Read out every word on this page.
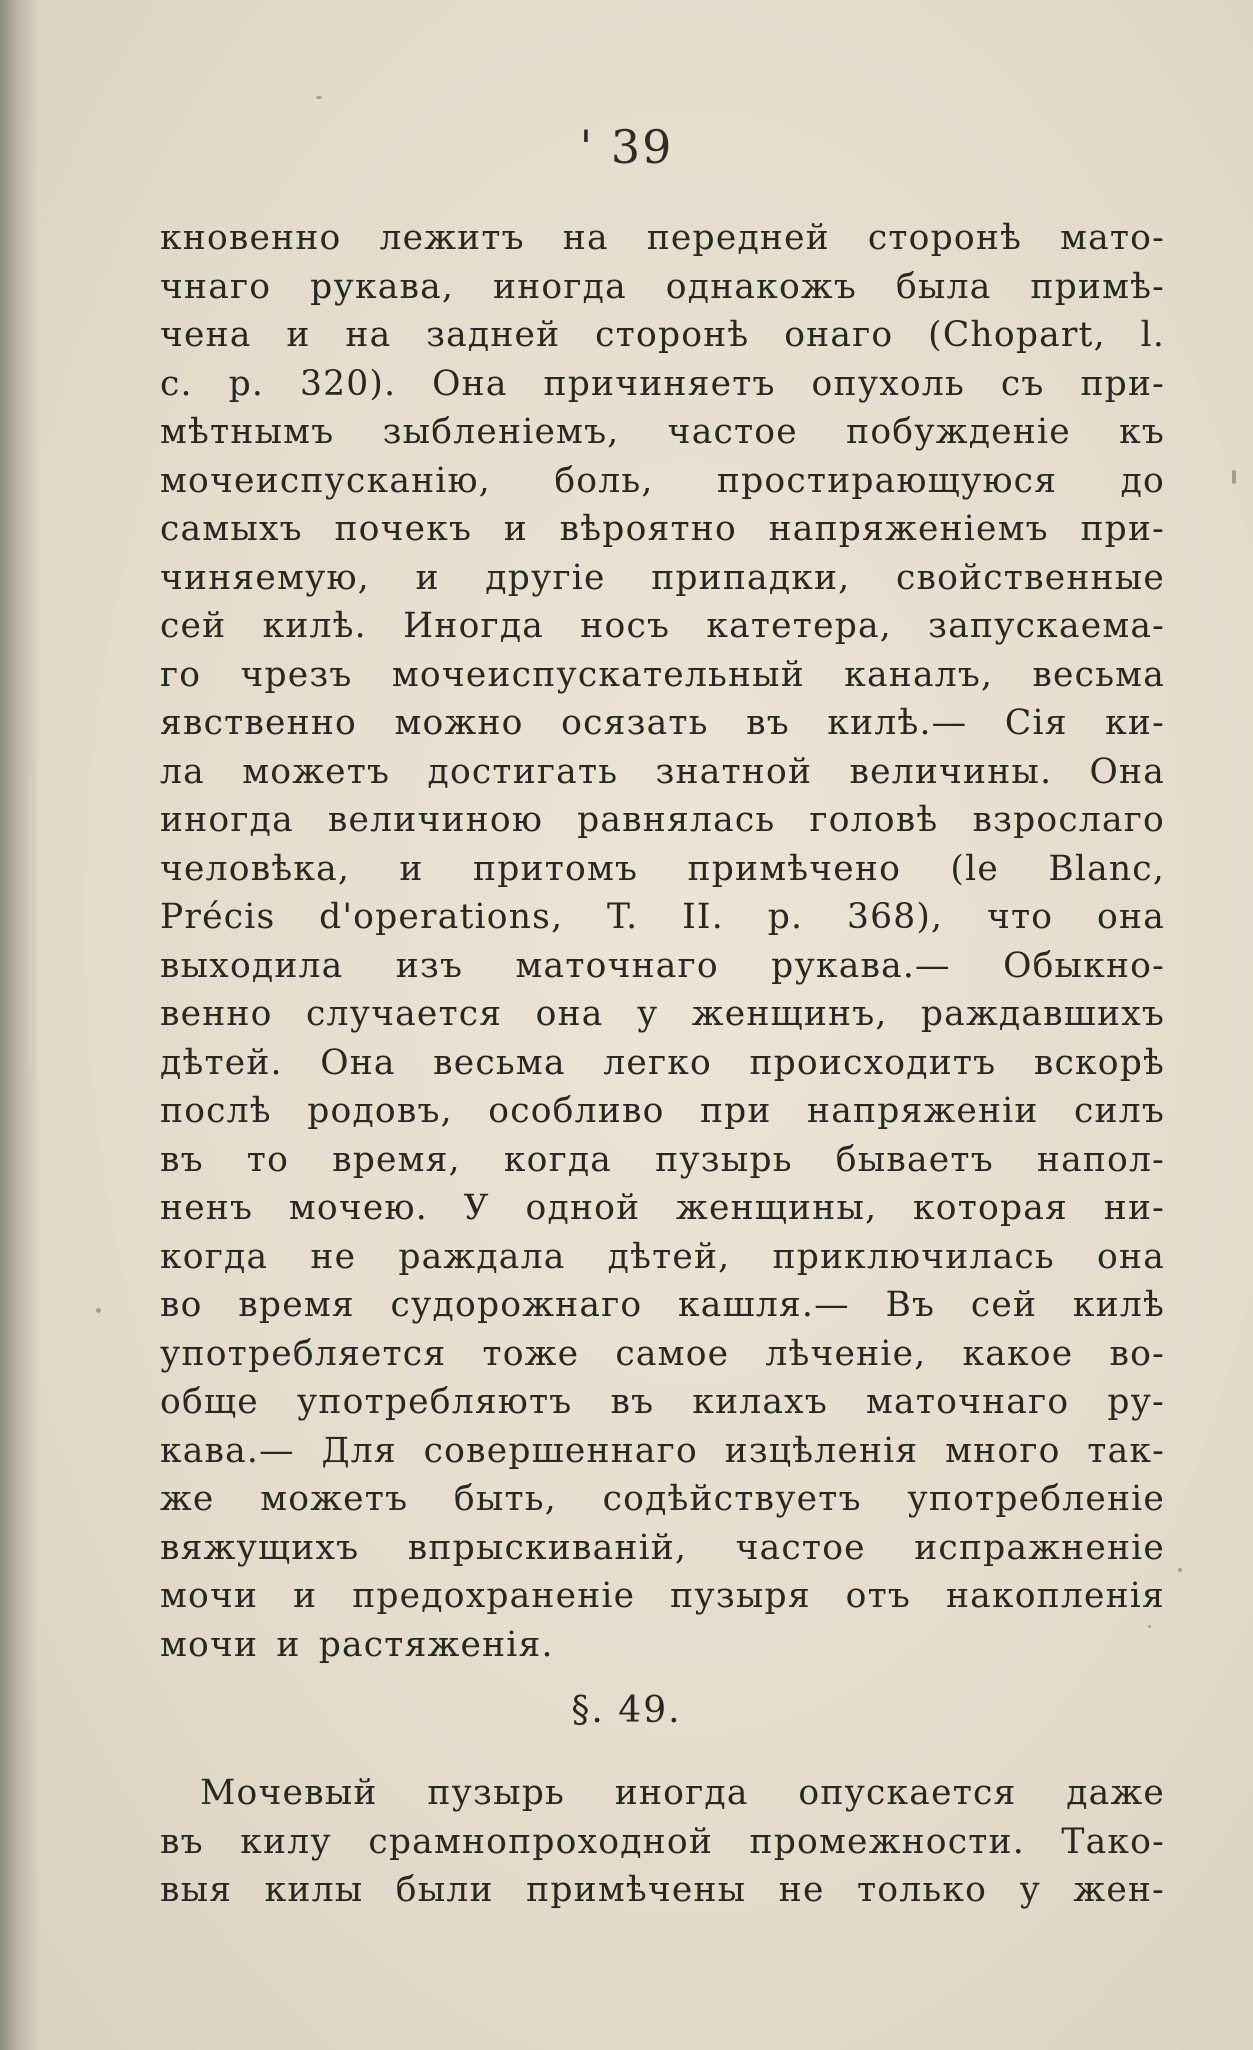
' 39
кновенно лежитъ на передней сторонѣ мато-
чнаго рукава, иногда однакожъ была примѣ-
чена и на задней сторонѣ онаго (Chopart, l.
c. p. 320). Она причиняетъ опухоль съ при-
мѣтнымъ зыбленіемъ, частое побужденіе къ
мочеиспусканію, боль, простирающуюся до
самыхъ почекъ и вѣроятно напряженіемъ при-
чиняемую, и другіе припадки, свойственные
сей килѣ. Иногда носъ катетера, запускаема-
го чрезъ мочеиспускательный каналъ, весьма
явственно можно осязать въ килѣ.— Сія ки-
ла можетъ достигать знатной величины. Она
иногда величиною равнялась головѣ взрослаго
человѣка, и притомъ примѣчено (le Blanc,
Précis d'operations, T. II. p. 368), что она
выходила изъ маточнаго рукава.— Обыкно-
венно случается она у женщинъ, раждавшихъ
дѣтей. Она весьма легко происходитъ вскорѣ
послѣ родовъ, особливо при напряженіи силъ
въ то время, когда пузырь бываетъ напол-
ненъ мочею. У одной женщины, которая ни-
когда не раждала дѣтей, приключилась она
во время судорожнаго кашля.— Въ сей килѣ
употребляется тоже самое лѣченіе, какое во-
обще употребляютъ въ килахъ маточнаго ру-
кава.— Для совершеннаго изцѣленія много так-
же можетъ быть, содѣйствуетъ употребленіе
вяжущихъ впрыскиваній, частое испражненіе
мочи и предохраненіе пузыря отъ накопленія
мочи и растяженія.
§. 49.
Мочевый пузырь иногда опускается даже
въ килу срамнопроходной промежности. Тако-
выя килы были примѣчены не только у жен-
